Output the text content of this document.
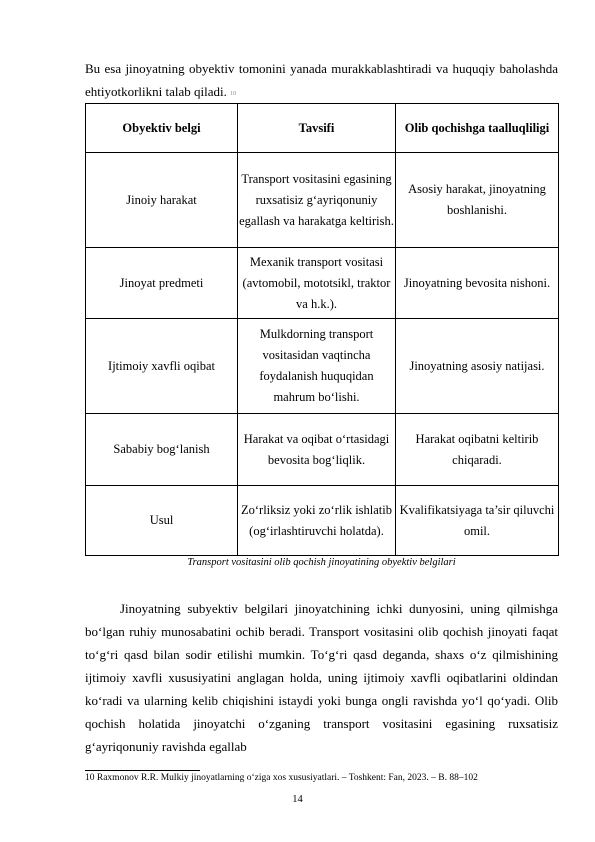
Bu esa jinoyatning obyektiv tomonini yanada murakkablashtiradi va huquqiy baholashda ehtiyotkorlikni talab qiladi. 10
Obyektiv belgi	Tavsifi	Olib qochishga taalluqliligi
Jinoiy harakat	Transport vositasini egasining ruxsatisiz g‘ayriqonuniy egallash va harakatga keltirish.	Asosiy harakat, jinoyatning boshlanishi.
Jinoyat predmeti	Mexanik transport vositasi (avtomobil, mototsikl, traktor va h.k.).	Jinoyatning bevosita nishoni.
Ijtimoiy xavfli oqibat	Mulkdorning transport vositasidan vaqtincha foydalanish huquqidan mahrum bo‘lishi.	Jinoyatning asosiy natijasi.
Sababiy bog‘lanish	Harakat va oqibat o‘rtasidagi bevosita bog‘liqlik.	Harakat oqibatni keltirib chiqaradi.
Usul	Zo‘rliksiz yoki zo‘rlik ishlatib (og‘irlashtiruvchi holatda).	Kvalifikatsiyaga ta’sir qiluvchi omil.
Transport vositasini olib qochish jinoyatining obyektiv belgilari
Jinoyatning subyektiv belgilari jinoyatchining ichki dunyosini, uning qilmishga bo‘lgan ruhiy munosabatini ochib beradi. Transport vositasini olib qochish jinoyati faqat to‘g‘ri qasd bilan sodir etilishi mumkin. To‘g‘ri qasd deganda, shaxs o‘z qilmishining ijtimoiy xavfli xususiyatini anglagan holda, uning ijtimoiy xavfli oqibatlarini oldindan ko‘radi va ularning kelib chiqishini istaydi yoki bunga ongli ravishda yo‘l qo‘yadi. Olib qochish holatida jinoyatchi o‘zganing transport vositasini egasining ruxsatisiz g‘ayriqonuniy ravishda egallab
10 Raxmonov R.R. Mulkiy jinoyatlarning o‘ziga xos xususiyatlari. – Toshkent: Fan, 2023. – B. 88–102
14
